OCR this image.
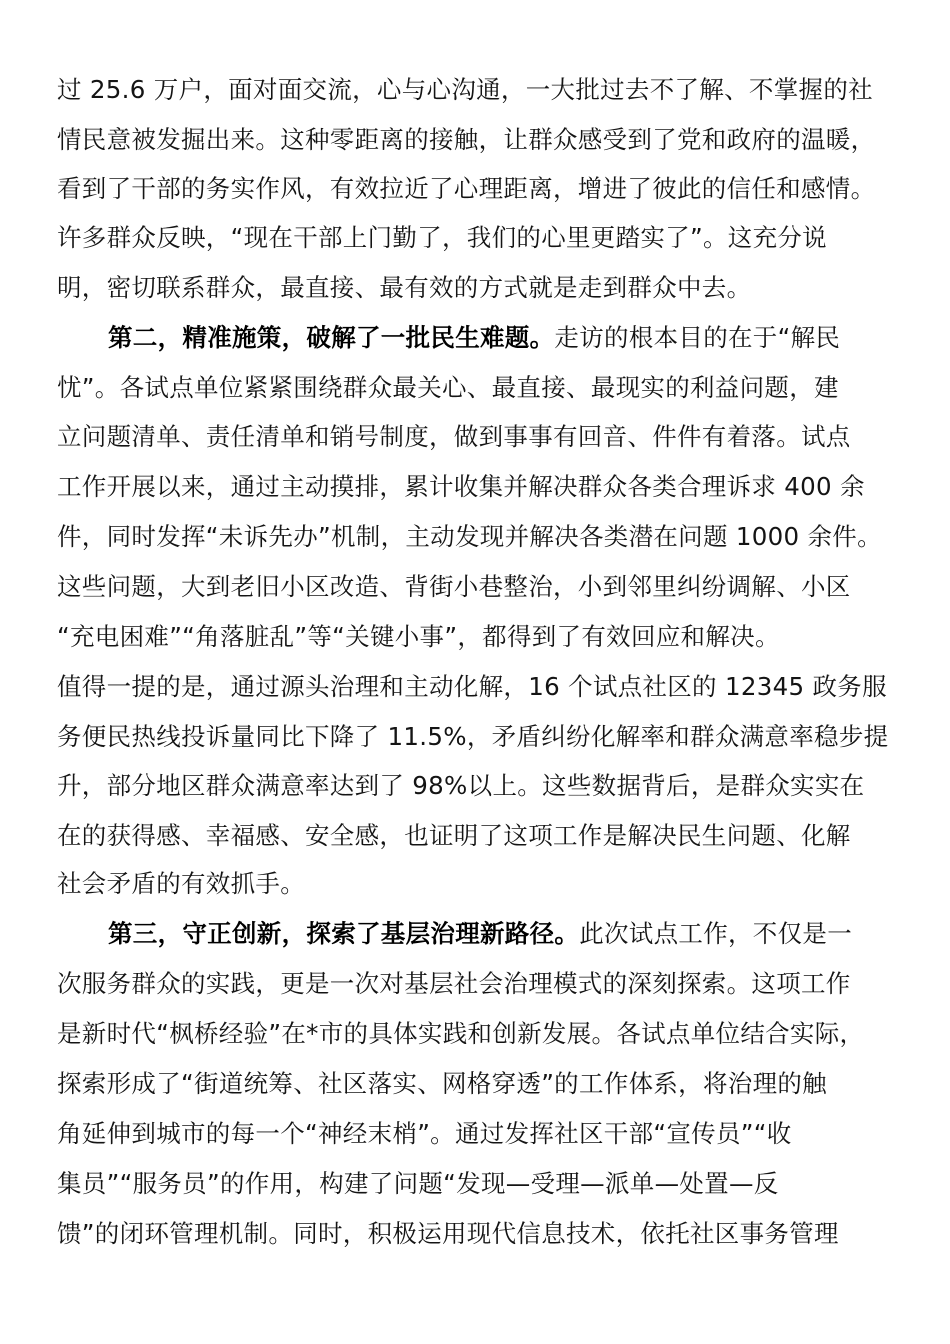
过 25.6 万户，面对面交流，心与心沟通，一大批过去不了解、不掌握的社
情民意被发掘出来。这种零距离的接触，让群众感受到了党和政府的温暖，
看到了干部的务实作风，有效拉近了心理距离，增进了彼此的信任和感情。
许多群众反映，“现在干部上门勤了，我们的心里更踏实了”。这充分说
明，密切联系群众，最直接、最有效的方式就是走到群众中去。
第二，精准施策，破解了一批民生难题。走访的根本目的在于“解民
忧”。各试点单位紧紧围绕群众最关心、最直接、最现实的利益问题，建
立问题清单、责任清单和销号制度，做到事事有回音、件件有着落。试点
工作开展以来，通过主动摸排，累计收集并解决群众各类合理诉求 400 余
件，同时发挥“未诉先办”机制，主动发现并解决各类潜在问题 1000 余件。
这些问题，大到老旧小区改造、背街小巷整治，小到邻里纠纷调解、小区
“充电困难”“角落脏乱”等“关键小事”，都得到了有效回应和解决。
值得一提的是，通过源头治理和主动化解，16 个试点社区的 12345 政务服
务便民热线投诉量同比下降了 11.5%，矛盾纠纷化解率和群众满意率稳步提
升，部分地区群众满意率达到了 98%以上。这些数据背后，是群众实实在
在的获得感、幸福感、安全感，也证明了这项工作是解决民生问题、化解
社会矛盾的有效抓手。
第三，守正创新，探索了基层治理新路径。此次试点工作，不仅是一
次服务群众的实践，更是一次对基层社会治理模式的深刻探索。这项工作
是新时代“枫桥经验”在*市的具体实践和创新发展。各试点单位结合实际，
探索形成了“街道统筹、社区落实、网格穿透”的工作体系，将治理的触
角延伸到城市的每一个“神经末梢”。通过发挥社区干部“宣传员”“收
集员”“服务员”的作用，构建了问题“发现—受理—派单—处置—反
馈”的闭环管理机制。同时，积极运用现代信息技术，依托社区事务管理
